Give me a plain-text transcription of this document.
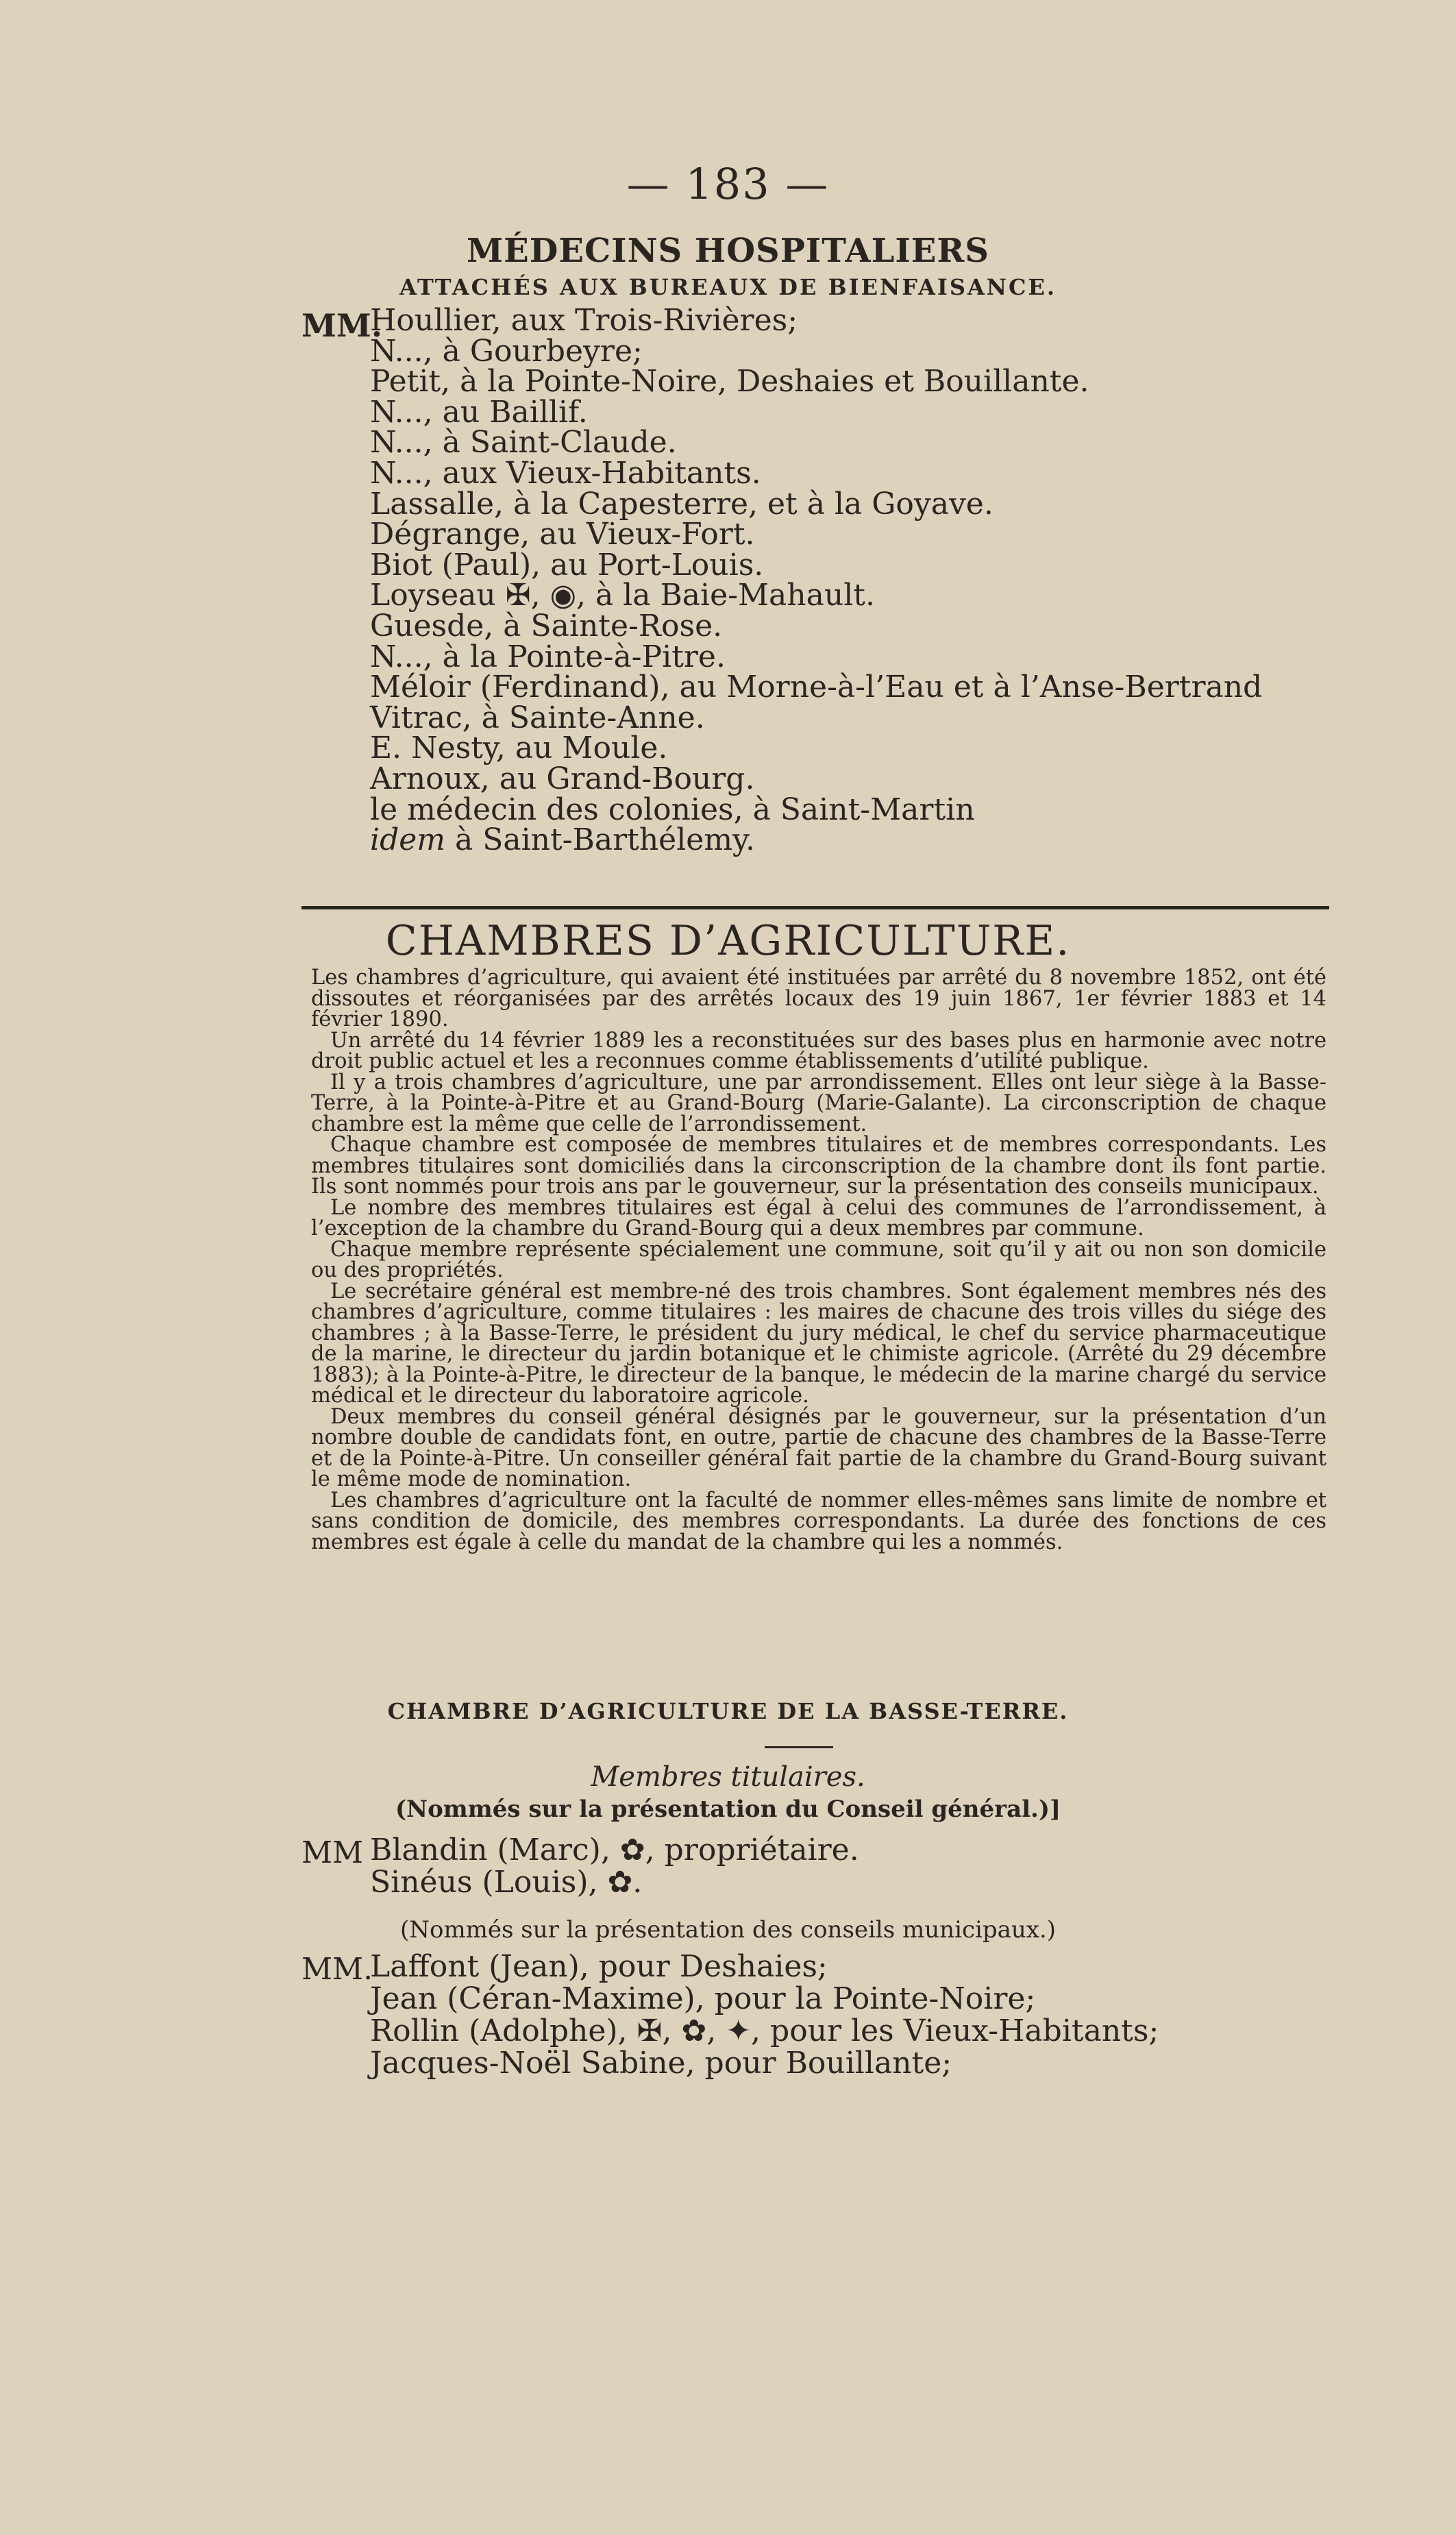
— 183 —
MÉDECINS HOSPITALIERS
ATTACHÉS AUX BUREAUX DE BIENFAISANCE.
MM.
Houllier, aux Trois-Rivières;
N..., à Gourbeyre;
Petit, à la Pointe-Noire, Deshaies et Bouillante.
N..., au Baillif.
N..., à Saint-Claude.
N..., aux Vieux-Habitants.
Lassalle, à la Capesterre, et à la Goyave.
Dégrange, au Vieux-Fort.
Biot (Paul), au Port-Louis.
Loyseau ✠, ◉, à la Baie-Mahault.
Guesde, à Sainte-Rose.
N..., à la Pointe-à-Pitre.
Méloir (Ferdinand), au Morne-à-l’Eau et à l’Anse-Bertrand
Vitrac, à Sainte-Anne.
E. Nesty, au Moule.
Arnoux, au Grand-Bourg.
le médecin des colonies, à Saint-Martin
idem à Saint-Barthélemy.
CHAMBRES D’AGRICULTURE.

Les chambres d’agriculture, qui avaient été instituées par arrêté du 8 novembre 1852, ont été dissoutes et réorganisées par des arrêtés locaux des 19 juin 1867, 1er février 1883 et 14 février 1890.

Un arrêté du 14 février 1889 les a reconstituées sur des bases plus en harmonie avec notre droit public actuel et les a reconnues comme établissements d’utilité publique.

Il y a trois chambres d’agriculture, une par arrondissement. Elles ont leur siège à la Basse-Terre, à la Pointe-à-Pitre et au Grand-Bourg (Marie-Galante). La circonscription de chaque chambre est la même que celle de l’arrondissement.

Chaque chambre est composée de membres titulaires et de membres correspondants. Les membres titulaires sont domiciliés dans la circonscription de la chambre dont ils font partie. Ils sont nommés pour trois ans par le gouverneur, sur la présentation des conseils municipaux.

Le nombre des membres titulaires est égal à celui des communes de l’arrondissement, à l’exception de la chambre du Grand-Bourg qui a deux membres par commune.

Chaque membre représente spécialement une commune, soit qu’il y ait ou non son domicile ou des propriétés.

Le secrétaire général est membre-né des trois chambres. Sont également membres nés des chambres d’agriculture, comme titulaires : les maires de chacune des trois villes du siége des chambres ; à la Basse-Terre, le président du jury médical, le chef du service pharmaceutique de la marine, le directeur du jardin botanique et le chimiste agricole. (Arrêté du 29 décembre 1883); à la Pointe-à-Pitre, le directeur de la banque, le médecin de la marine chargé du service médical et le directeur du laboratoire agricole.

Deux membres du conseil général désignés par le gouverneur, sur la présentation d’un nombre double de candidats font, en outre, partie de chacune des chambres de la Basse-Terre et de la Pointe-à-Pitre. Un conseiller général fait partie de la chambre du Grand-Bourg suivant le même mode de nomination.

Les chambres d’agriculture ont la faculté de nommer elles-mêmes sans limite de nombre et sans condition de domicile, des membres correspondants. La durée des fonctions de ces membres est égale à celle du mandat de la chambre qui les a nommés.

CHAMBRE D’AGRICULTURE DE LA BASSE-TERRE.
Membres titulaires.
(Nommés sur la présentation du Conseil général.)]
MM Blandin (Marc), ✿, propriétaire.
Sinéus (Louis), ✿.
(Nommés sur la présentation des conseils municipaux.)
MM.
Laffont (Jean), pour Deshaies;
Jean (Céran-Maxime), pour la Pointe-Noire;
Rollin (Adolphe), ✠, ✿, ✦, pour les Vieux-Habitants;
Jacques-Noël Sabine, pour Bouillante;
